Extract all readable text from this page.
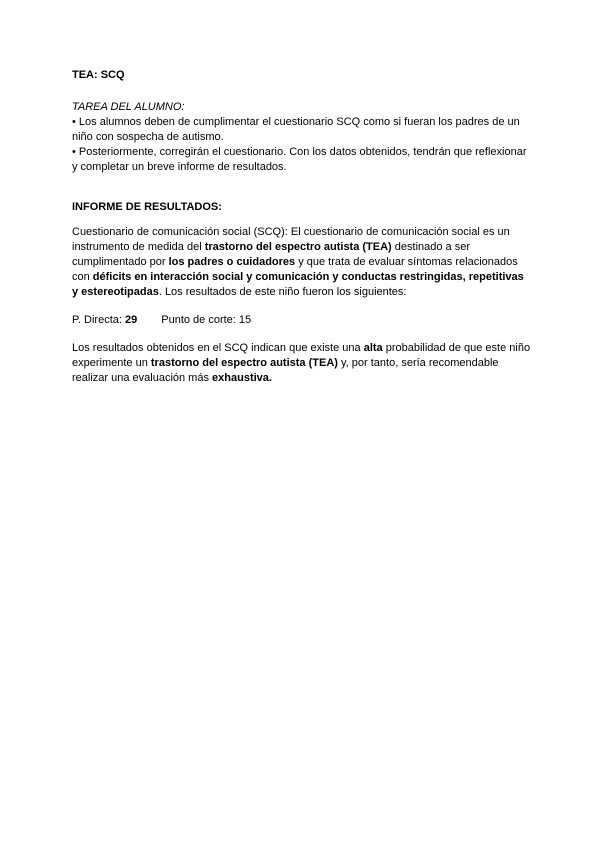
TEA: SCQ
TAREA DEL ALUMNO:
• Los alumnos deben de cumplimentar el cuestionario SCQ como si fueran los padres de un niño con sospecha de autismo.
• Posteriormente, corregirán el cuestionario. Con los datos obtenidos, tendrán que reflexionar y completar un breve informe de resultados.
INFORME DE RESULTADOS:
Cuestionario de comunicación social (SCQ): El cuestionario de comunicación social es un instrumento de medida del trastorno del espectro autista (TEA) destinado a ser cumplimentado por los padres o cuidadores y que trata de evaluar síntomas relacionados con déficits en interacción social y comunicación y conductas restringidas, repetitivas y estereotipadas. Los resultados de este niño fueron los siguientes:
P. Directa: 29 Punto de corte: 15
Los resultados obtenidos en el SCQ indican que existe una alta probabilidad de que este niño experimente un trastorno del espectro autista (TEA) y, por tanto, sería recomendable realizar una evaluación más exhaustiva.
